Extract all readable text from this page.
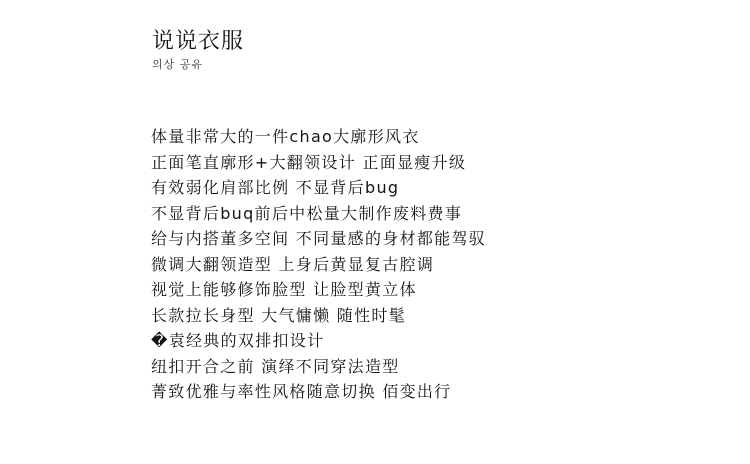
说说衣服
의상 공유
体量非常大的一件chao大廓形风衣
正面笔直廓形+大翻领设计 正面显瘦升级
有效弱化肩部比例 不显背后bug
不显背后buq前后中松量大制作废料费事
给与内搭董多空间 不同量感的身材都能驾驭
微调大翻领造型 上身后黄显复古腔调
视觉上能够修饰脸型 让脸型黄立体
长款拉长身型 大气慵懒 随性时髦
�袁经典的双排扣设计
纽扣开合之前 演绎不同穿法造型
菁致优雅与率性风格随意切换 佰变出行
